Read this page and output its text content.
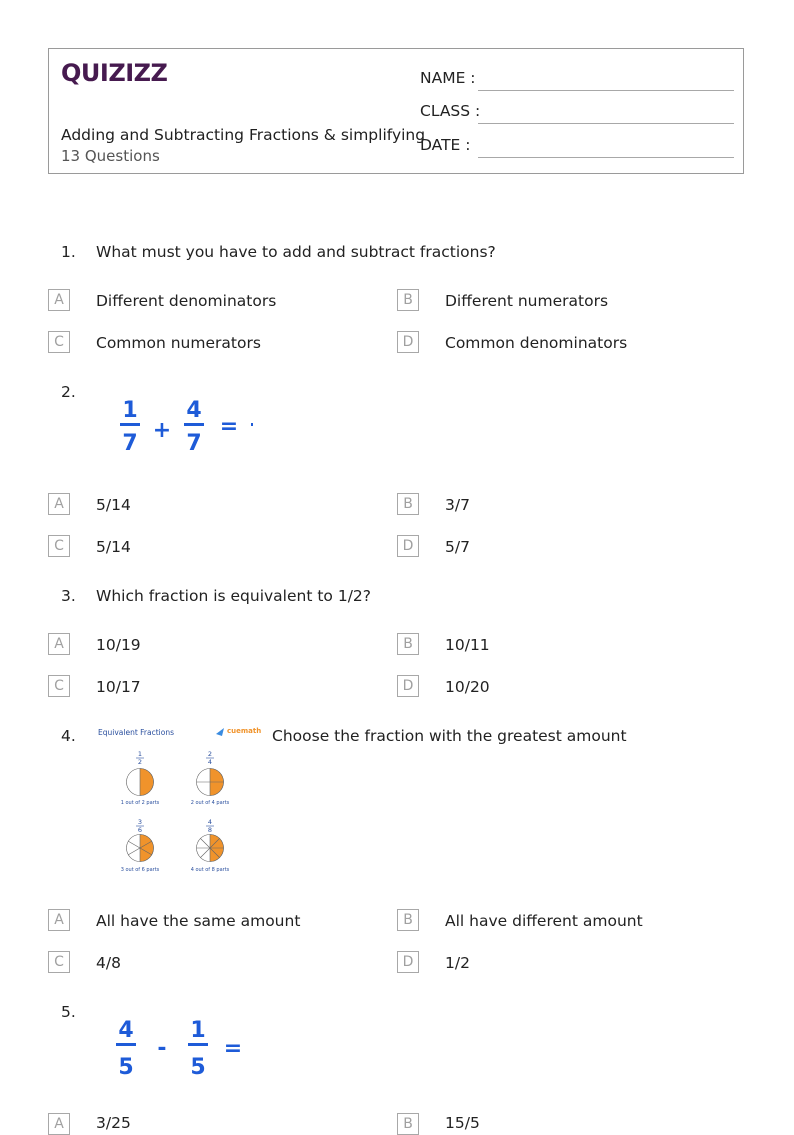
QUIZIZZ
Adding and Subtracting Fractions & simplifying
13 Questions
NAME :
CLASS :
DATE :
1. What must you have to add and subtract fractions?
A	Different denominators	B	Different numerators
C	Common numerators	D	Common denominators
2.
1
7
+
4
7
=
A	5/14	B	3/7
C	5/14	D	5/7
3. Which fraction is equivalent to 1/2?
A	10/19	B	10/11
C	10/17	D	10/20
4.	Equivalent Fractions	cuemath
1
2
1 out of 2 parts
2
4
2 out of 4 parts
3
6
3 out of 6 parts
4
8
4 out of 8 parts
Choose the fraction with the greatest amount
A	All have the same amount	B	All have different amount
C	4/8	D	1/2
5.
4
5
-
1
5
=
A	3/25	B	15/5
